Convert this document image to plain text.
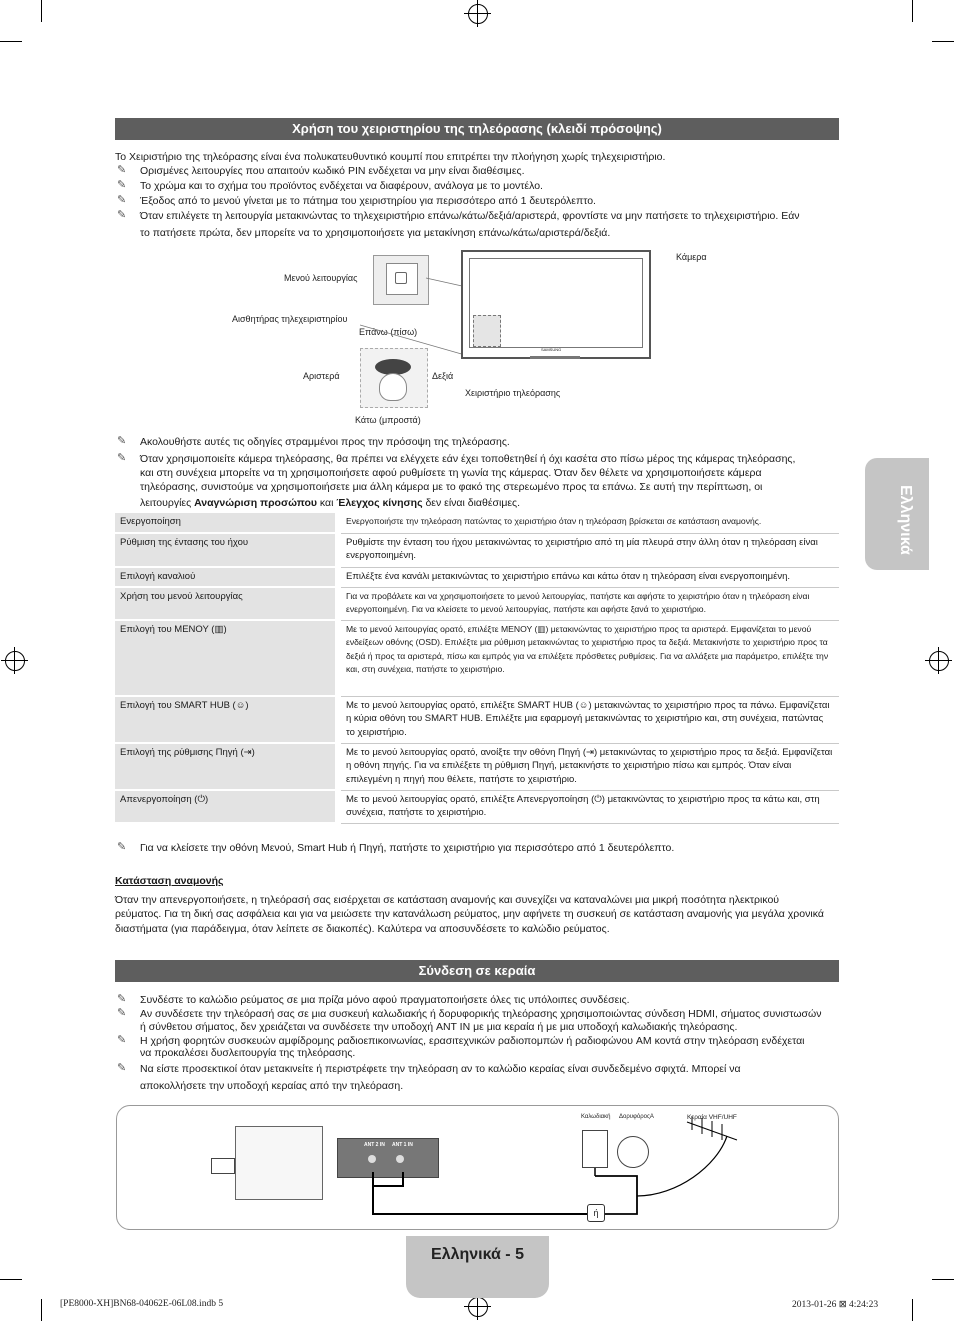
Χρήση του χειριστηρίου της τηλεόρασης (κλειδί πρόσοψης)
Το Χειριστήριο της τηλεόρασης είναι ένα πολυκατευθυντικό κουμπί που επιτρέπει την πλοήγηση χωρίς τηλεχειριστήριο.
✎ Ορισμένες λειτουργίες που απαιτούν κωδικό PIN ενδέχεται να μην είναι διαθέσιμες.
✎ Το χρώμα και το σχήμα του προϊόντος ενδέχεται να διαφέρουν, ανάλογα με το μοντέλο.
✎ Έξοδος από το μενού γίνεται με το πάτημα του χειριστηρίου για περισσότερο από 1 δευτερόλεπτο.
✎ Όταν επιλέγετε τη λειτουργία μετακινώντας το τηλεχειριστήριο επάνω/κάτω/δεξιά/αριστερά, φροντίστε να μην πατήσετε το τηλεχειριστήριο. Εάν
το πατήσετε πρώτα, δεν μπορείτε να το χρησιμοποιήσετε για μετακίνηση επάνω/κάτω/αριστερά/δεξιά.
Μενού λειτουργίας
Αισθητήρας τηλεχειριστηρίου
Επάνω (πίσω)
Αριστερά	Δεξιά
Κάτω (μπροστά)
SAMSUNG
Κάμερα
Χειριστήριο τηλεόρασης
✎ Ακολουθήστε αυτές τις οδηγίες στραμμένοι προς την πρόσοψη της τηλεόρασης.
✎ Όταν χρησιμοποιείτε κάμερα τηλεόρασης, θα πρέπει να ελέγχετε εάν έχει τοποθετηθεί ή όχι κασέτα στο πίσω μέρος της κάμερας τηλεόρασης,
και στη συνέχεια μπορείτε να τη χρησιμοποιήσετε αφού ρυθμίσετε τη γωνία της κάμερας. Όταν δεν θέλετε να χρησιμοποιήσετε κάμερα
τηλεόρασης, συνιστούμε να χρησιμοποιήσετε μια άλλη κάμερα με το φακό της στερεωμένο προς τα επάνω. Σε αυτή την περίπτωση, οι
λειτουργίες Αναγνώριση προσώπου και Έλεγχος κίνησης δεν είναι διαθέσιμες.
Ενεργοποίηση	Ενεργοποιήστε την τηλεόραση πατώντας το χειριστήριο όταν η τηλεόραση βρίσκεται σε κατάσταση αναμονής.
Ρύθμιση της έντασης του ήχου	Ρυθμίστε την ένταση του ήχου μετακινώντας το χειριστήριο από τη μία πλευρά στην άλλη όταν η τηλεόραση είναι ενεργοποιημένη.
Επιλογή καναλιού	Επιλέξτε ένα κανάλι μετακινώντας το χειριστήριο επάνω και κάτω όταν η τηλεόραση είναι ενεργοποιημένη.
Χρήση του μενού λειτουργίας	Για να προβάλετε και να χρησιμοποιήσετε το μενού λειτουργίας, πατήστε και αφήστε το χειριστήριο όταν η τηλεόραση είναι ενεργοποιημένη. Για να κλείσετε το μενού λειτουργίας, πατήστε και αφήστε ξανά το χειριστήριο.
Επιλογή του ΜΕΝΟΥ (▥)	Με το μενού λειτουργίας ορατό, επιλέξτε ΜΕΝΟΥ (▥) μετακινώντας το χειριστήριο προς τα αριστερά. Εμφανίζεται το μενού ενδείξεων οθόνης (OSD). Επιλέξτε μια ρύθμιση μετακινώντας το χειριστήριο προς τα δεξιά. Μετακινήστε το χειριστήριο προς τα δεξιά ή προς τα αριστερά, πίσω και εμπρός για να επιλέξετε πρόσθετες ρυθμίσεις. Για να αλλάξετε μια παράμετρο, επιλέξτε την και, στη συνέχεια, πατήστε το χειριστήριο.
Επιλογή του SMART HUB (☺)	Με το μενού λειτουργίας ορατό, επιλέξτε SMART HUB (☺) μετακινώντας το χειριστήριο προς τα πάνω. Εμφανίζεται η κύρια οθόνη του SMART HUB. Επιλέξτε μια εφαρμογή μετακινώντας το χειριστήριο και, στη συνέχεια, πατώντας το χειριστήριο.
Επιλογή της ρύθμισης Πηγή (⇥)	Με το μενού λειτουργίας ορατό, ανοίξτε την οθόνη Πηγή (⇥) μετακινώντας το χειριστήριο προς τα δεξιά. Εμφανίζεται η οθόνη πηγής. Για να επιλέξετε τη ρύθμιση Πηγή, μετακινήστε το χειριστήριο πίσω και εμπρός. Όταν είναι επιλεγμένη η πηγή που θέλετε, πατήστε το χειριστήριο.
Απενεργοποίηση (⏻)	Με το μενού λειτουργίας ορατό, επιλέξτε Απενεργοποίηση (⏻) μετακινώντας το χειριστήριο προς τα κάτω και, στη συνέχεια, πατήστε το χειριστήριο.
✎ Για να κλείσετε την οθόνη Μενού, Smart Hub ή Πηγή, πατήστε το χειριστήριο για περισσότερο από 1 δευτερόλεπτο.
Κατάσταση αναμονής
Όταν την απενεργοποιήσετε, η τηλεόρασή σας εισέρχεται σε κατάσταση αναμονής και συνεχίζει να καταναλώνει μια μικρή ποσότητα ηλεκτρικού
ρεύματος. Για τη δική σας ασφάλεια και για να μειώσετε την κατανάλωση ρεύματος, μην αφήνετε τη συσκευή σε κατάσταση αναμονής για μεγάλα χρονικά
διαστήματα (για παράδειγμα, όταν λείπετε σε διακοπές). Καλύτερα να αποσυνδέσετε το καλώδιο ρεύματος.
Σύνδεση σε κεραία
✎ Συνδέστε το καλώδιο ρεύματος σε μια πρίζα μόνο αφού πραγματοποιήσετε όλες τις υπόλοιπες συνδέσεις.
✎ Αν συνδέσετε την τηλεόρασή σας σε μια συσκευή καλωδιακής ή δορυφορικής τηλεόρασης χρησιμοποιώντας σύνδεση HDMI, σήματος συνιστωσών
ή σύνθετου σήματος, δεν χρειάζεται να συνδέσετε την υποδοχή ANT IN με μια κεραία ή με μια υποδοχή καλωδιακής τηλεόρασης.
✎ Η χρήση φορητών συσκευών αμφίδρομης ραδιοεπικοινωνίας, ερασιτεχνικών ραδιοπομπών ή ραδιοφώνου AM κοντά στην τηλεόραση ενδέχεται
να προκαλέσει δυσλειτουργία της τηλεόρασης.
✎ Να είστε προσεκτικοί όταν μετακινείτε ή περιστρέφετε την τηλεόραση αν το καλώδιο κεραίας είναι συνδεδεμένο σφιχτά. Μπορεί να
αποκολλήσετε την υποδοχή κεραίας από την τηλεόραση.
ANT 2 IN ANT 1 IN
Καλωδιακή ΔορυφόροςA	Κεραία VHF/UHF
ή
Ελληνικά
Ελληνικά - 5
[PE8000-XH]BN68-04062E-06L08.indb 5	2013-01-26 ⊠ 4:24:23
